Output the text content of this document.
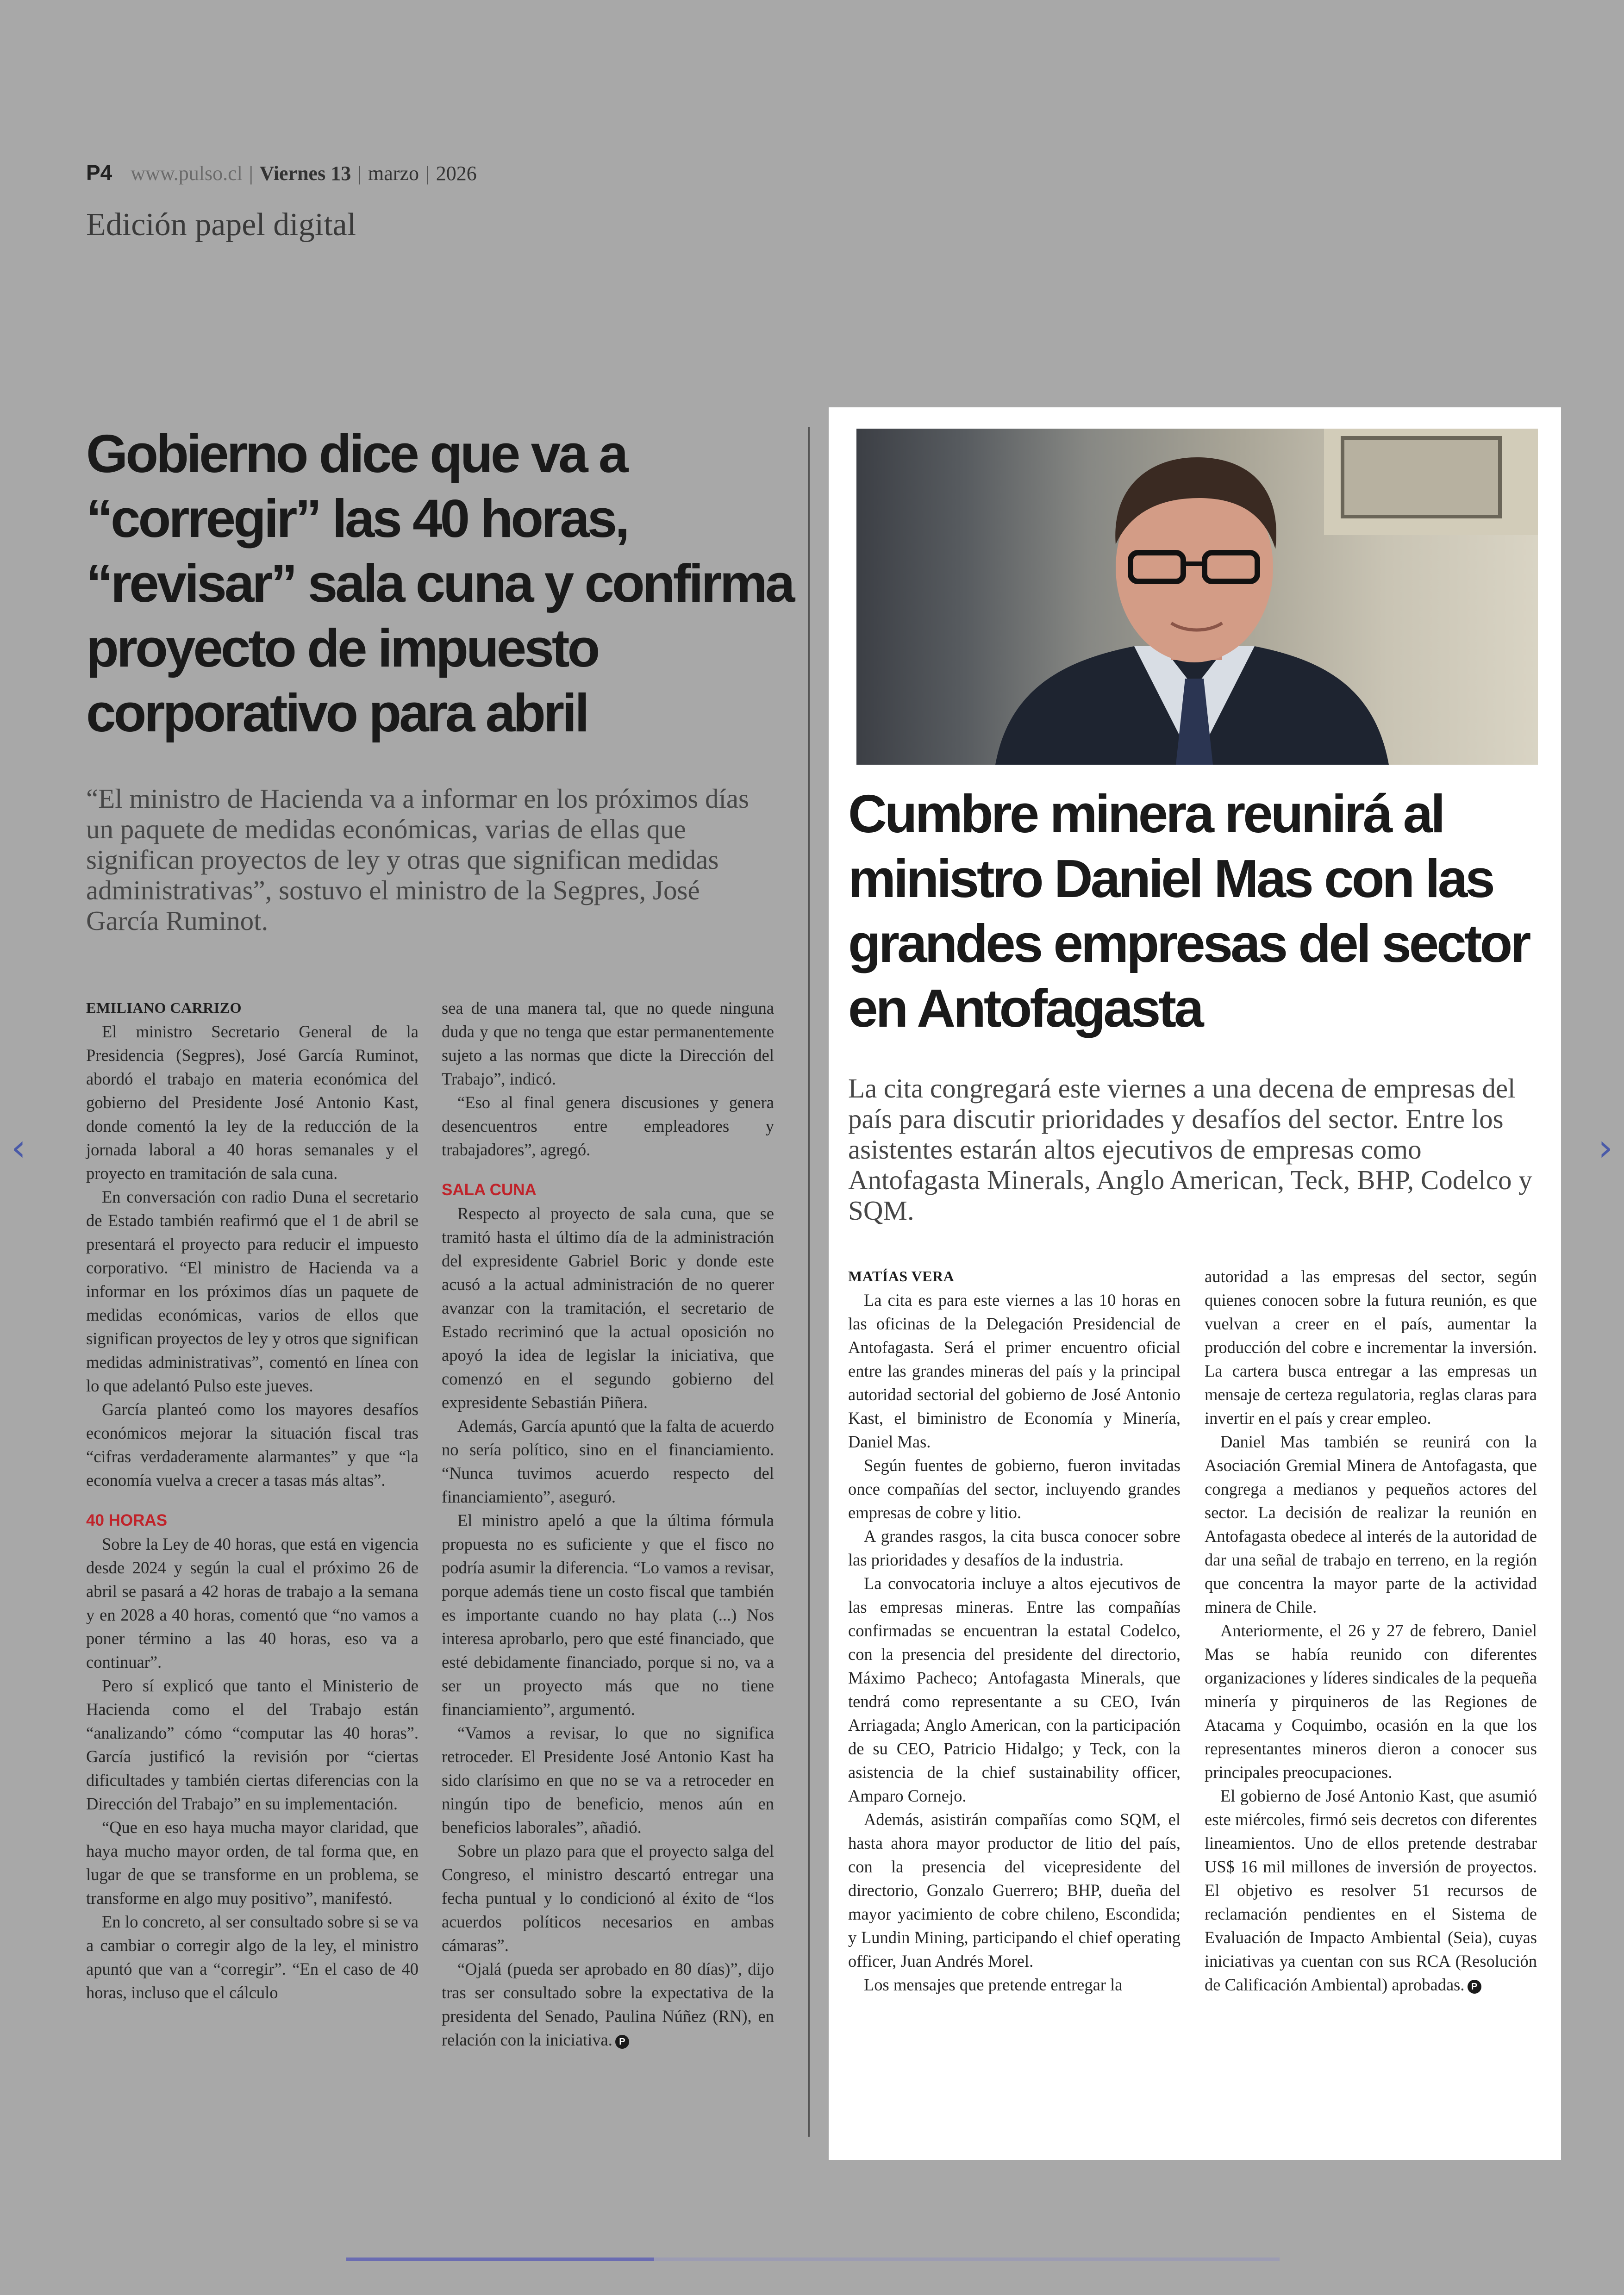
‹	›
P4 www.pulso.cl | Viernes 13 | marzo | 2026
Edición papel digital
Gobierno dice que va a “corregir” las 40 horas, “revisar” sala cuna y confirma proyecto de impuesto corporativo para abril

“El ministro de Hacienda va a informar en los próximos días un paquete de medidas económicas, varias de ellas que significan proyectos de ley y otras que significan medidas administrativas”, sostuvo el ministro de la Segpres, José García Ruminot.

EMILIANO CARRIZO

El ministro Secretario General de la Presidencia (Segpres), José García Ruminot, abordó el trabajo en materia económica del gobierno del Presidente José Antonio Kast, donde comentó la ley de la reducción de la jornada laboral a 40 horas semanales y el proyecto en tramitación de sala cuna.

En conversación con radio Duna el secretario de Estado también reafirmó que el 1 de abril se presentará el proyecto para reducir el impuesto corporativo. “El ministro de Hacienda va a informar en los próximos días un paquete de medidas económicas, varios de ellos que significan proyectos de ley y otros que significan medidas administrativas”, comentó en línea con lo que adelantó Pulso este jueves.

García planteó como los mayores desafíos económicos mejorar la situación fiscal tras “cifras verdaderamente alarmantes” y que “la economía vuelva a crecer a tasas más altas”.

40 HORAS

Sobre la Ley de 40 horas, que está en vigencia desde 2024 y según la cual el próximo 26 de abril se pasará a 42 horas de trabajo a la semana y en 2028 a 40 horas, comentó que “no vamos a poner término a las 40 horas, eso va a continuar”.

Pero sí explicó que tanto el Ministerio de Hacienda como el del Trabajo están “analizando” cómo “computar las 40 horas”. García justificó la revisión por “ciertas dificultades y también ciertas diferencias con la Dirección del Trabajo” en su implementación.

“Que en eso haya mucha mayor claridad, que haya mucho mayor orden, de tal forma que, en lugar de que se transforme en un problema, se transforme en algo muy positivo”, manifestó.

En lo concreto, al ser consultado sobre si se va a cambiar o corregir algo de la ley, el ministro apuntó que van a “corregir”. “En el caso de 40 horas, incluso que el cálculo

sea de una manera tal, que no quede ninguna duda y que no tenga que estar permanentemente sujeto a las normas que dicte la Dirección del Trabajo”, indicó.

“Eso al final genera discusiones y genera desencuentros entre empleadores y trabajadores”, agregó.

SALA CUNA

Respecto al proyecto de sala cuna, que se tramitó hasta el último día de la administración del expresidente Gabriel Boric y donde este acusó a la actual administración de no querer avanzar con la tramitación, el secretario de Estado recriminó que la actual oposición no apoyó la idea de legislar la iniciativa, que comenzó en el segundo gobierno del expresidente Sebastián Piñera.

Además, García apuntó que la falta de acuerdo no sería político, sino en el financiamiento. “Nunca tuvimos acuerdo respecto del financiamiento”, aseguró.

El ministro apeló a que la última fórmula propuesta no es suficiente y que el fisco no podría asumir la diferencia. “Lo vamos a revisar, porque además tiene un costo fiscal que también es importante cuando no hay plata (...) Nos interesa aprobarlo, pero que esté financiado, que esté debidamente financiado, porque si no, va a ser un proyecto más que no tiene financiamiento”, argumentó.

“Vamos a revisar, lo que no significa retroceder. El Presidente José Antonio Kast ha sido clarísimo en que no se va a retroceder en ningún tipo de beneficio, menos aún en beneficios laborales”, añadió.

Sobre un plazo para que el proyecto salga del Congreso, el ministro descartó entregar una fecha puntual y lo condicionó al éxito de “los acuerdos políticos necesarios en ambas cámaras”.

“Ojalá (pueda ser aprobado en 80 días)”, dijo tras ser consultado sobre la expectativa de la presidenta del Senado, Paulina Núñez (RN), en relación con la iniciativa. P

Cumbre minera reunirá al ministro Daniel Mas con las grandes empresas del sector en Antofagasta

La cita congregará este viernes a una decena de empresas del país para discutir prioridades y desafíos del sector. Entre los asistentes estarán altos ejecutivos de empresas como Antofagasta Minerals, Anglo American, Teck, BHP, Codelco y SQM.

MATÍAS VERA

La cita es para este viernes a las 10 horas en las oficinas de la Delegación Presidencial de Antofagasta. Será el primer encuentro oficial entre las grandes mineras del país y la principal autoridad sectorial del gobierno de José Antonio Kast, el biministro de Economía y Minería, Daniel Mas.

Según fuentes de gobierno, fueron invitadas once compañías del sector, incluyendo grandes empresas de cobre y litio.

A grandes rasgos, la cita busca conocer sobre las prioridades y desafíos de la industria.

La convocatoria incluye a altos ejecutivos de las empresas mineras. Entre las compañías confirmadas se encuentran la estatal Codelco, con la presencia del presidente del directorio, Máximo Pacheco; Antofagasta Minerals, que tendrá como representante a su CEO, Iván Arriagada; Anglo American, con la participación de su CEO, Patricio Hidalgo; y Teck, con la asistencia de la chief sustainability officer, Amparo Cornejo.

Además, asistirán compañías como SQM, el hasta ahora mayor productor de litio del país, con la presencia del vicepresidente del directorio, Gonzalo Guerrero; BHP, dueña del mayor yacimiento de cobre chileno, Escondida; y Lundin Mining, participando el chief operating officer, Juan Andrés Morel.

Los mensajes que pretende entregar la

autoridad a las empresas del sector, según quienes conocen sobre la futura reunión, es que vuelvan a creer en el país, aumentar la producción del cobre e incrementar la inversión. La cartera busca entregar a las empresas un mensaje de certeza regulatoria, reglas claras para invertir en el país y crear empleo.

Daniel Mas también se reunirá con la Asociación Gremial Minera de Antofagasta, que congrega a medianos y pequeños actores del sector. La decisión de realizar la reunión en Antofagasta obedece al interés de la autoridad de dar una señal de trabajo en terreno, en la región que concentra la mayor parte de la actividad minera de Chile.

Anteriormente, el 26 y 27 de febrero, Daniel Mas se había reunido con diferentes organizaciones y líderes sindicales de la pequeña minería y pirquineros de las Regiones de Atacama y Coquimbo, ocasión en la que los representantes mineros dieron a conocer sus principales preocupaciones.

El gobierno de José Antonio Kast, que asumió este miércoles, firmó seis decretos con diferentes lineamientos. Uno de ellos pretende destrabar US$ 16 mil millones de inversión de proyectos. El objetivo es resolver 51 recursos de reclamación pendientes en el Sistema de Evaluación de Impacto Ambiental (Seia), cuyas iniciativas ya cuentan con sus RCA (Resolución de Calificación Ambiental) aprobadas. P
